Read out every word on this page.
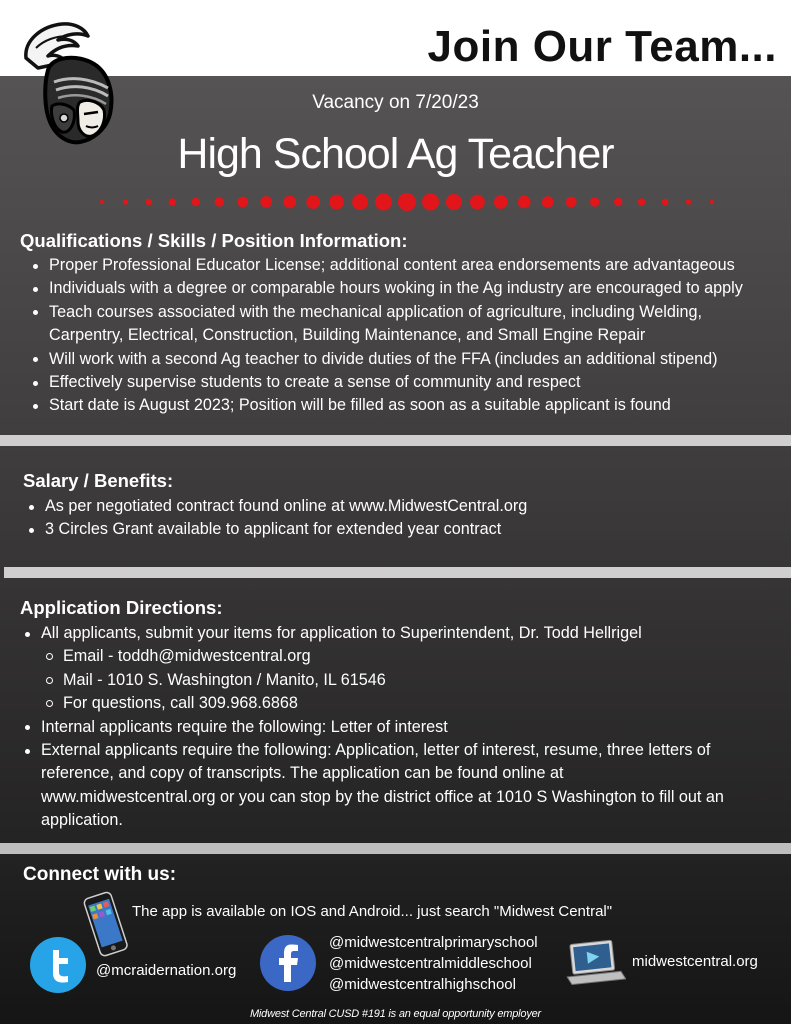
Join Our Team...
Vacancy on 7/20/23
High School Ag Teacher
Qualifications / Skills / Position Information:
Proper Professional Educator License; additional content area endorsements are advantageous
Individuals with a degree or comparable hours woking in the Ag industry are encouraged to apply
Teach courses associated with the mechanical application of agriculture, including Welding, Carpentry, Electrical, Construction, Building Maintenance, and Small Engine Repair
Will work with a second Ag teacher to divide duties of the FFA (includes an additional stipend)
Effectively supervise students to create a sense of community and respect
Start date is August 2023; Position will be filled as soon as a suitable applicant is found
Salary / Benefits:
As per negotiated contract found online at www.MidwestCentral.org
3 Circles Grant available to applicant for extended year contract
Application Directions:
All applicants, submit your items for application to Superintendent, Dr. Todd Hellrigel
Email - toddh@midwestcentral.org
Mail - 1010 S. Washington / Manito, IL 61546
For questions, call 309.968.6868
Internal applicants require the following: Letter of interest
External applicants require the following: Application, letter of interest, resume, three letters of reference, and copy of transcripts. The application can be found online at www.midwestcentral.org or you can stop by the district office at 1010 S Washington to fill out an application.
Connect with us:
The app is available on IOS and Android... just search "Midwest Central"
@mcraidernation.org
@midwestcentralprimaryschool
@midwestcentralmiddleschool
@midwestcentralhighschool
midwestcentral.org
Midwest Central CUSD #191 is an equal opportunity employer
